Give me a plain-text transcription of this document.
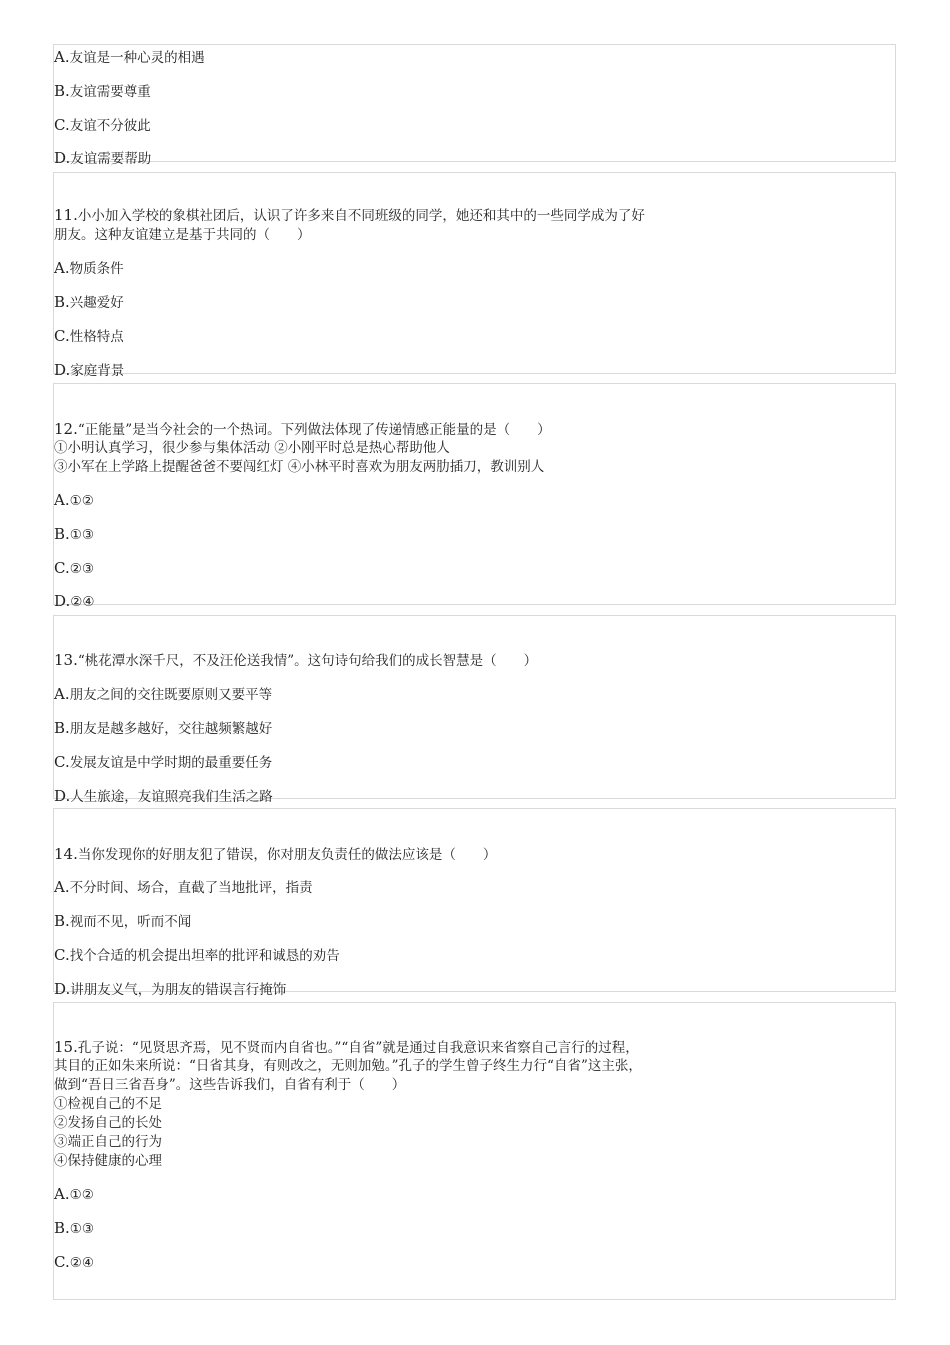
A.友谊是一种心灵的相遇
B.友谊需要尊重
C.友谊不分彼此
D.友谊需要帮助
11.小小加入学校的象棋社团后，认识了许多来自不同班级的同学，她还和其中的一些同学成为了好
朋友。这种友谊建立是基于共同的（　　）
A.物质条件
B.兴趣爱好
C.性格特点
D.家庭背景
12.“正能量”是当今社会的一个热词。下列做法体现了传递情感正能量的是（　　）
①小明认真学习，很少参与集体活动 ②小刚平时总是热心帮助他人
③小军在上学路上提醒爸爸不要闯红灯 ④小林平时喜欢为朋友两肋插刀，教训别人
A.①②
B.①③
C.②③
D.②④
13.“桃花潭水深千尺，不及汪伦送我情”。这句诗句给我们的成长智慧是（　　）
A.朋友之间的交往既要原则又要平等
B.朋友是越多越好，交往越频繁越好
C.发展友谊是中学时期的最重要任务
D.人生旅途，友谊照亮我们生活之路
14.当你发现你的好朋友犯了错误，你对朋友负责任的做法应该是（　　）
A.不分时间、场合，直截了当地批评，指责
B.视而不见，听而不闻
C.找个合适的机会提出坦率的批评和诚恳的劝告
D.讲朋友义气，为朋友的错误言行掩饰
15.孔子说：“见贤思齐焉，见不贤而内自省也。”“自省”就是通过自我意识来省察自己言行的过程，
其目的正如朱来所说：“日省其身，有则改之，无则加勉。”孔子的学生曾子终生力行“自省”这主张，
做到“吾日三省吾身”。这些告诉我们，自省有利于（　　）
①检视自己的不足
②发扬自己的长处
③端正自己的行为
④保持健康的心理
A.①②
B.①③
C.②④
